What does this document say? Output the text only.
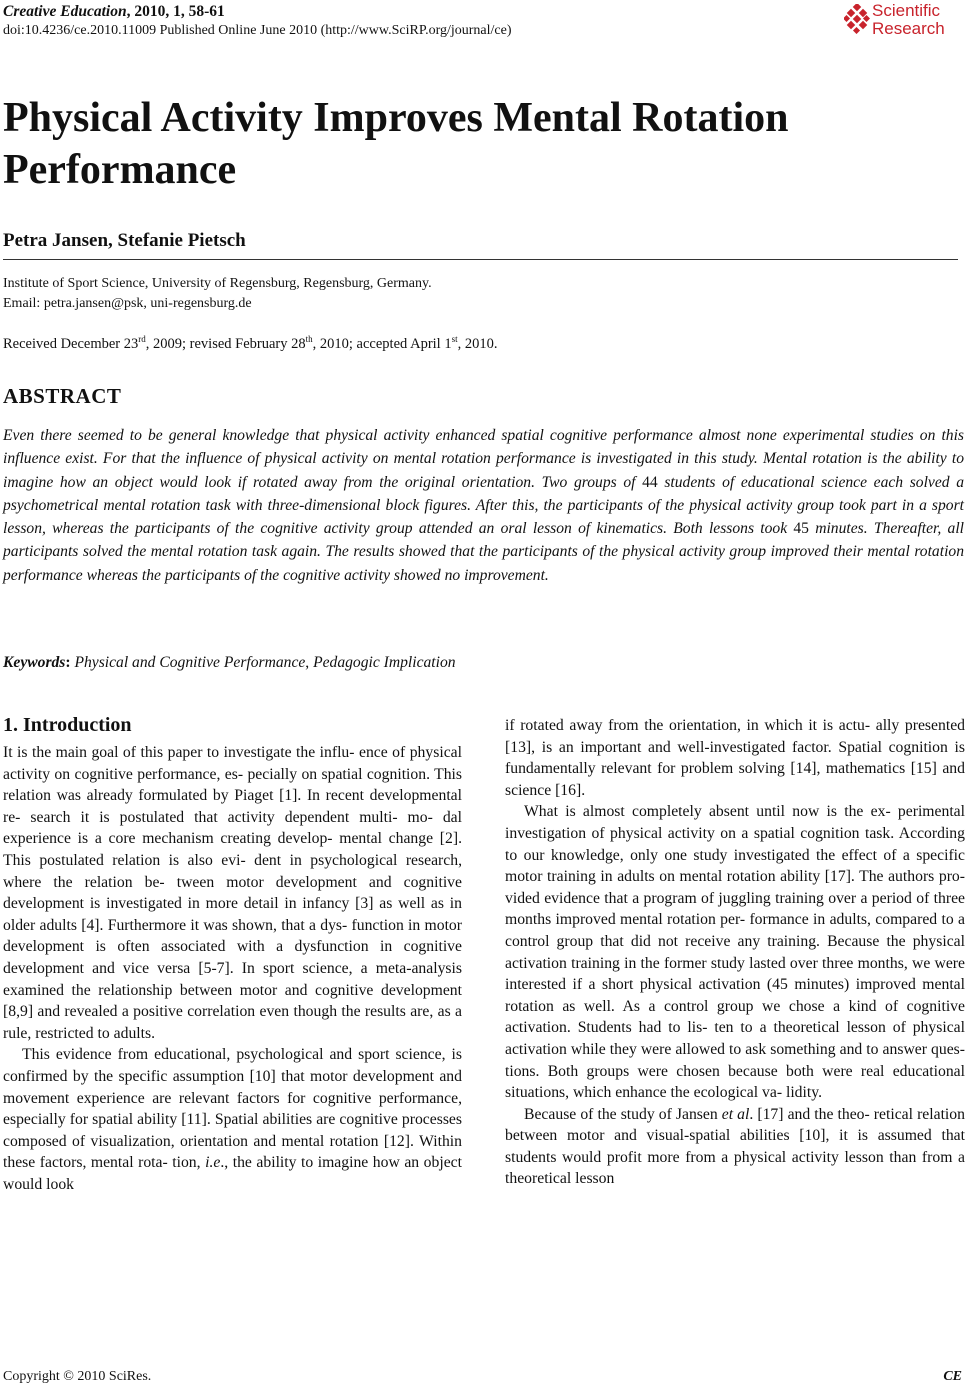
Creative Education, 2010, 1, 58-61
doi:10.4236/ce.2010.11009 Published Online June 2010 (http://www.SciRP.org/journal/ce)
Scientific
Research
Physical Activity Improves Mental Rotation Performance
Petra Jansen, Stefanie Pietsch
Institute of Sport Science, University of Regensburg, Regensburg, Germany.
Email: petra.jansen@psk, uni-regensburg.de
Received December 23rd, 2009; revised February 28th, 2010; accepted April 1st, 2010.
ABSTRACT

Even there seemed to be general knowledge that physical activity enhanced spatial cognitive performance almost none experimental studies on this influence exist. For that the influence of physical activity on mental rotation performance is investigated in this study. Mental rotation is the ability to imagine how an object would look if rotated away from the original orientation. Two groups of 44 students of educational science each solved a psychometrical mental rotation task with three-dimensional block figures. After this, the participants of the physical activity group took part in a sport lesson, whereas the participants of the cognitive activity group attended an oral lesson of kinematics. Both lessons took 45 minutes. Thereafter, all participants solved the mental rotation task again. The results showed that the participants of the physical activity group improved their mental rotation performance whereas the participants of the cognitive activity showed no improvement.

Keywords: Physical and Cognitive Performance, Pedagogic Implication
1. Introduction

It is the main goal of this paper to investigate the influ- ence of physical activity on cognitive performance, es- pecially on spatial cognition. This relation was already formulated by Piaget [1]. In recent developmental re- search it is postulated that activity dependent multi- mo- dal experience is a core mechanism creating develop- mental change [2]. This postulated relation is also evi- dent in psychological research, where the relation be- tween motor development and cognitive development is investigated in more detail in infancy [3] as well as in older adults [4]. Furthermore it was shown, that a dys- function in motor development is often associated with a dysfunction in cognitive development and vice versa [5-7]. In sport science, a meta-analysis examined the relationship between motor and cognitive development [8,9] and revealed a positive correlation even though the results are, as a rule, restricted to adults.

This evidence from educational, psychological and sport science, is confirmed by the specific assumption [10] that motor development and movement experience are relevant factors for cognitive performance, especially for spatial ability [11]. Spatial abilities are cognitive processes composed of visualization, orientation and mental rotation [12]. Within these factors, mental rota- tion, i.e., the ability to imagine how an object would look

if rotated away from the orientation, in which it is actu- ally presented [13], is an important and well-investigated factor. Spatial cognition is fundamentally relevant for problem solving [14], mathematics [15] and science [16].

What is almost completely absent until now is the ex- perimental investigation of physical activity on a spatial cognition task. According to our knowledge, only one study investigated the effect of a specific motor training in adults on mental rotation ability [17]. The authors pro- vided evidence that a program of juggling training over a period of three months improved mental rotation per- formance in adults, compared to a control group that did not receive any training. Because the physical activation training in the former study lasted over three months, we were interested if a short physical activation (45 minutes) improved mental rotation as well. As a control group we chose a kind of cognitive activation. Students had to lis- ten to a theoretical lesson of physical activation while they were allowed to ask something and to answer ques- tions. Both groups were chosen because both were real educational situations, which enhance the ecological va- lidity.

Because of the study of Jansen et al. [17] and the theo- retical relation between motor and visual-spatial abilities [10], it is assumed that students would profit more from a physical activity lesson than from a theoretical lesson

Copyright © 2010 SciRes.	CE
